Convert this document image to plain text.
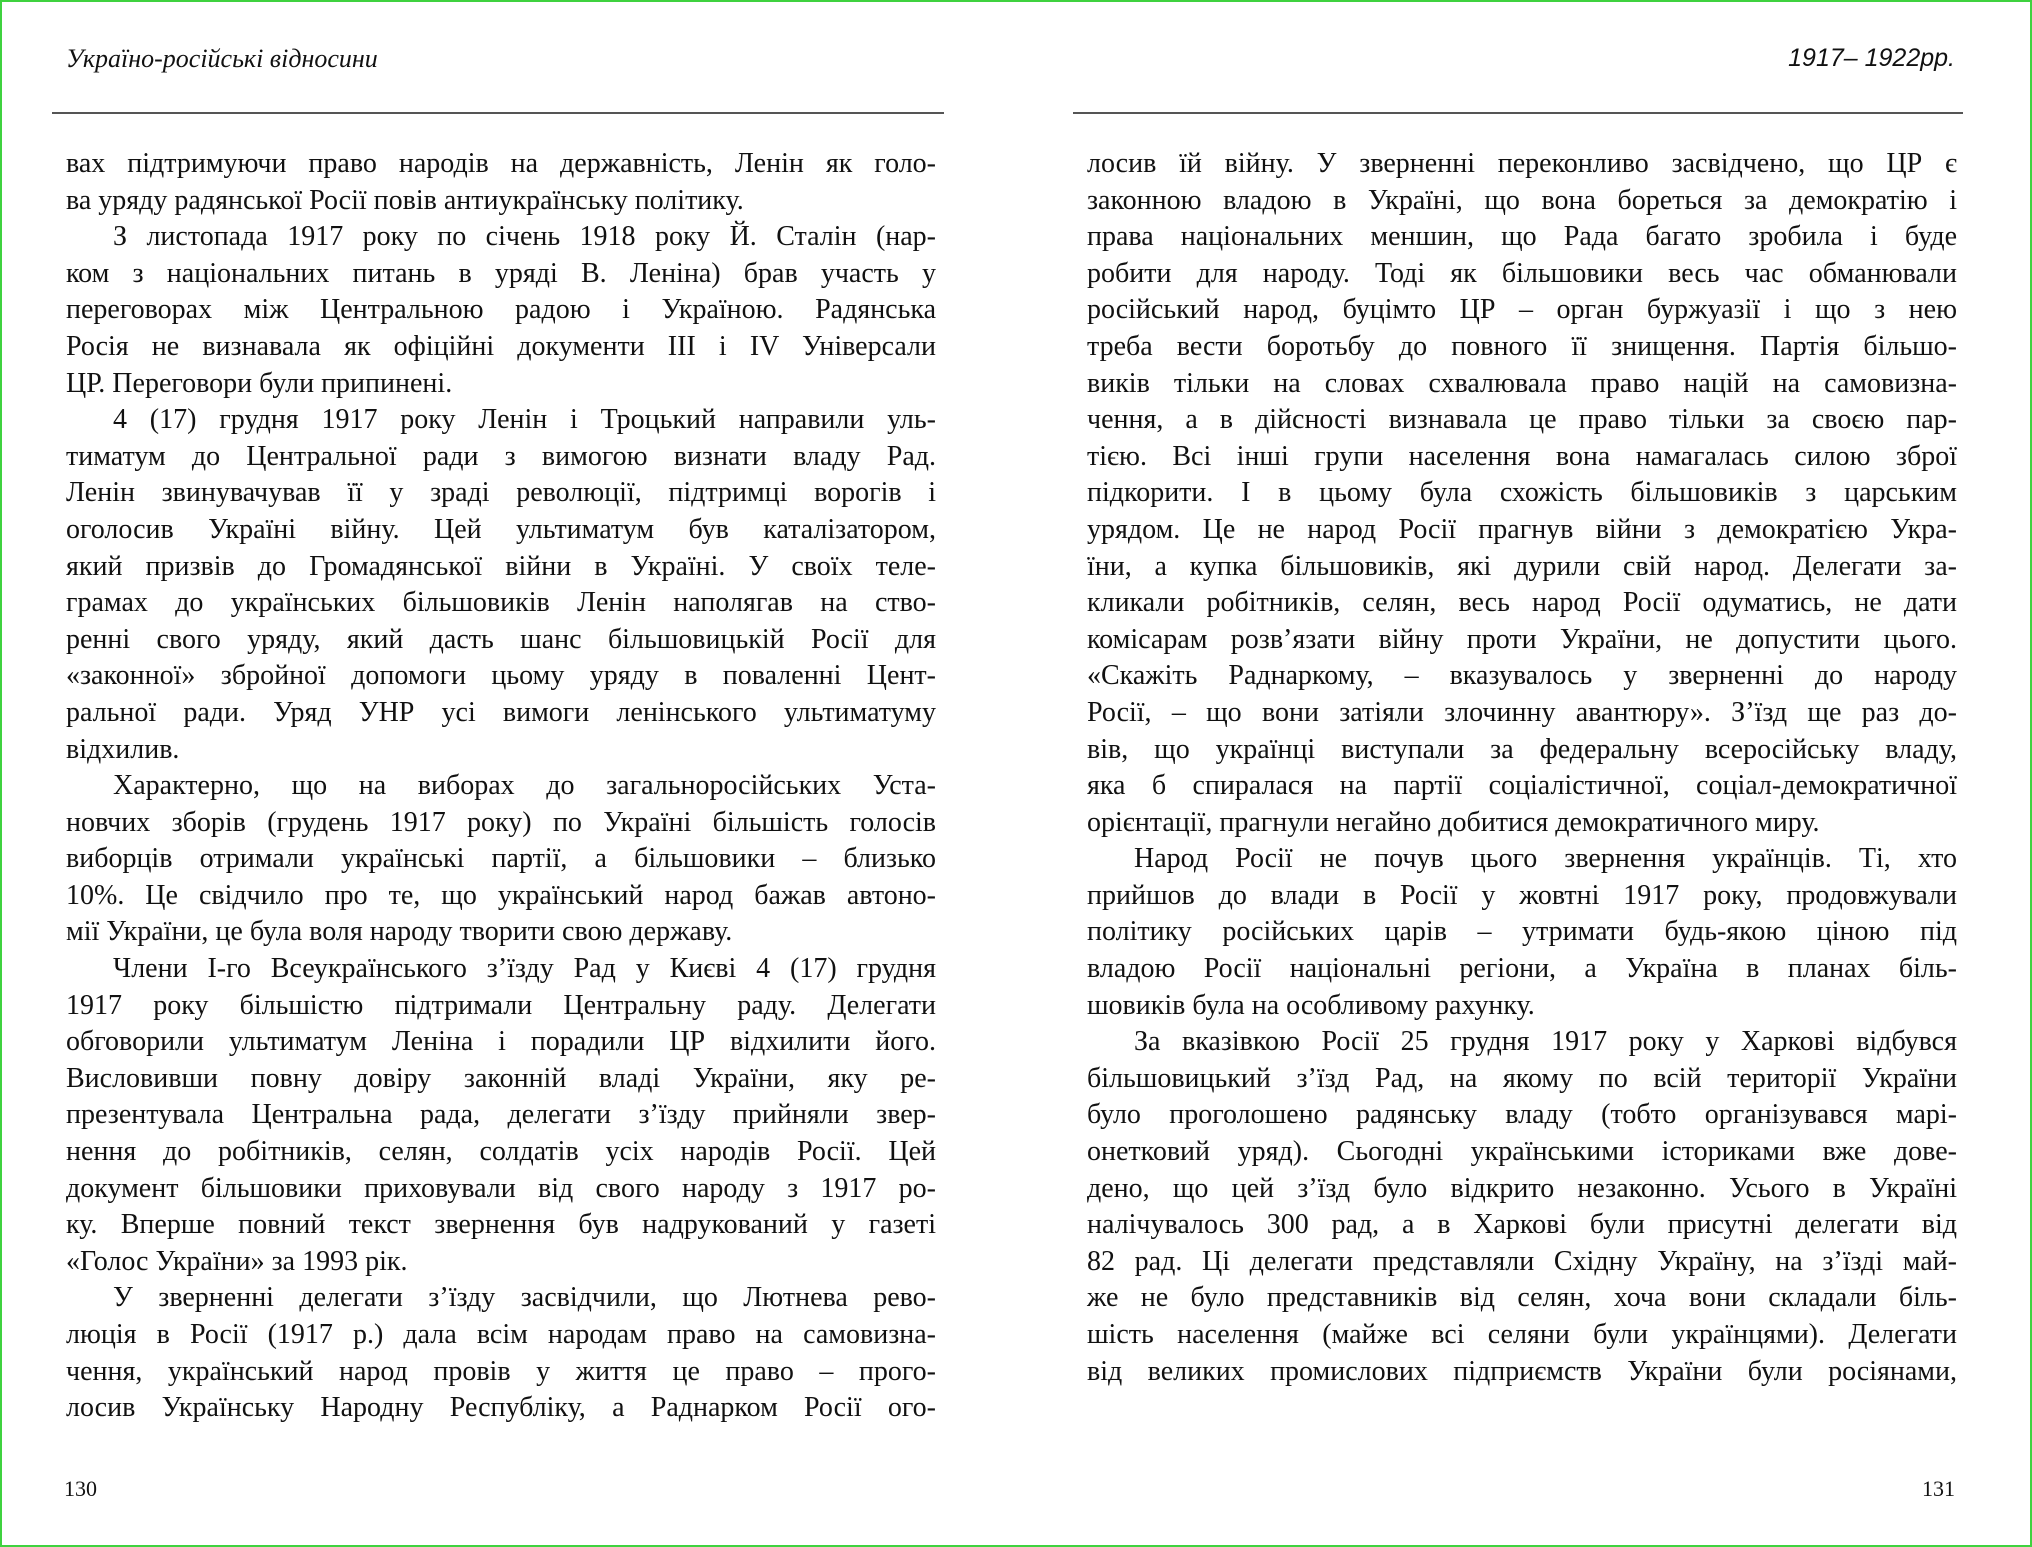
Україно-російські відносини
вах підтримуючи право народів на державність, Ленін як голо-
ва уряду радянської Росії повів антиукраїнську політику.
З листопада 1917 року по січень 1918 року Й. Сталін (нар-
ком з національних питань в уряді В. Леніна) брав участь у
переговорах між Центральною радою і Україною. Радянська
Росія не визнавала як офіційні документи ІІІ і IV Універсали
ЦР. Переговори були припинені.
4 (17) грудня 1917 року Ленін і Троцький направили уль-
тиматум до Центральної ради з вимогою визнати владу Рад.
Ленін звинувачував її у зраді революції, підтримці ворогів і
оголосив Україні війну. Цей ультиматум був каталізатором,
який призвів до Громадянської війни в Україні. У своїх теле-
грамах до українських більшовиків Ленін наполягав на ство-
ренні свого уряду, який дасть шанс більшовицькій Росії для
«законної» збройної допомоги цьому уряду в поваленні Цент-
ральної ради. Уряд УНР усі вимоги ленінського ультиматуму
відхилив.
Характерно, що на виборах до загальноросійських Уста-
новчих зборів (грудень 1917 року) по Україні більшість голосів
виборців отримали українські партії, а більшовики – близько
10%. Це свідчило про те, що український народ бажав автоно-
мії України, це була воля народу творити свою державу.
Члени І-го Всеукраїнського з’їзду Рад у Києві 4 (17) грудня
1917 року більшістю підтримали Центральну раду. Делегати
обговорили ультиматум Леніна і порадили ЦР відхилити його.
Висловивши повну довіру законній владі України, яку ре-
презентувала Центральна рада, делегати з’їзду прийняли звер-
нення до робітників, селян, солдатів усіх народів Росії. Цей
документ більшовики приховували від свого народу з 1917 ро-
ку. Вперше повний текст звернення був надрукований у газеті
«Голос України» за 1993 рік.
У зверненні делегати з’їзду засвідчили, що Лютнева рево-
люція в Росії (1917 р.) дала всім народам право на самовизна-
чення, український народ провів у життя це право – прого-
лосив Українську Народну Республіку, а Раднарком Росії ого-
130
1917– 1922рр.
лосив їй війну. У зверненні переконливо засвідчено, що ЦР є
законною владою в Україні, що вона бореться за демократію і
права національних меншин, що Рада багато зробила і буде
робити для народу. Тоді як більшовики весь час обманювали
російський народ, буцімто ЦР – орган буржуазії і що з нею
треба вести боротьбу до повного її знищення. Партія більшо-
виків тільки на словах схвалювала право націй на самовизна-
чення, а в дійсності визнавала це право тільки за своєю пар-
тією. Всі інші групи населення вона намагалась силою зброї
підкорити. І в цьому була схожість більшовиків з царським
урядом. Це не народ Росії прагнув війни з демократією Укра-
їни, а купка більшовиків, які дурили свій народ. Делегати за-
кликали робітників, селян, весь народ Росії одуматись, не дати
комісарам розв’язати війну проти України, не допустити цього.
«Скажіть Раднаркому, – вказувалось у зверненні до народу
Росії, – що вони затіяли злочинну авантюру». З’їзд ще раз до-
вів, що українці виступали за федеральну всеросійську владу,
яка б спиралася на партії соціалістичної, соціал-демократичної
орієнтації, прагнули негайно добитися демократичного миру.
Народ Росії не почув цього звернення українців. Ті, хто
прийшов до влади в Росії у жовтні 1917 року, продовжували
політику російських царів – утримати будь-якою ціною під
владою Росії національні регіони, а Україна в планах біль-
шовиків була на особливому рахунку.
За вказівкою Росії 25 грудня 1917 року у Харкові відбувся
більшовицький з’їзд Рад, на якому по всій території України
було проголошено радянську владу (тобто організувався марі-
онетковий уряд). Сьогодні українськими істориками вже дове-
дено, що цей з’їзд було відкрито незаконно. Усього в Україні
налічувалось 300 рад, а в Харкові були присутні делегати від
82 рад. Ці делегати представляли Східну Україну, на з’їзді май-
же не було представників від селян, хоча вони складали біль-
шість населення (майже всі селяни були українцями). Делегати
від великих промислових підприємств України були росіянами,
131
